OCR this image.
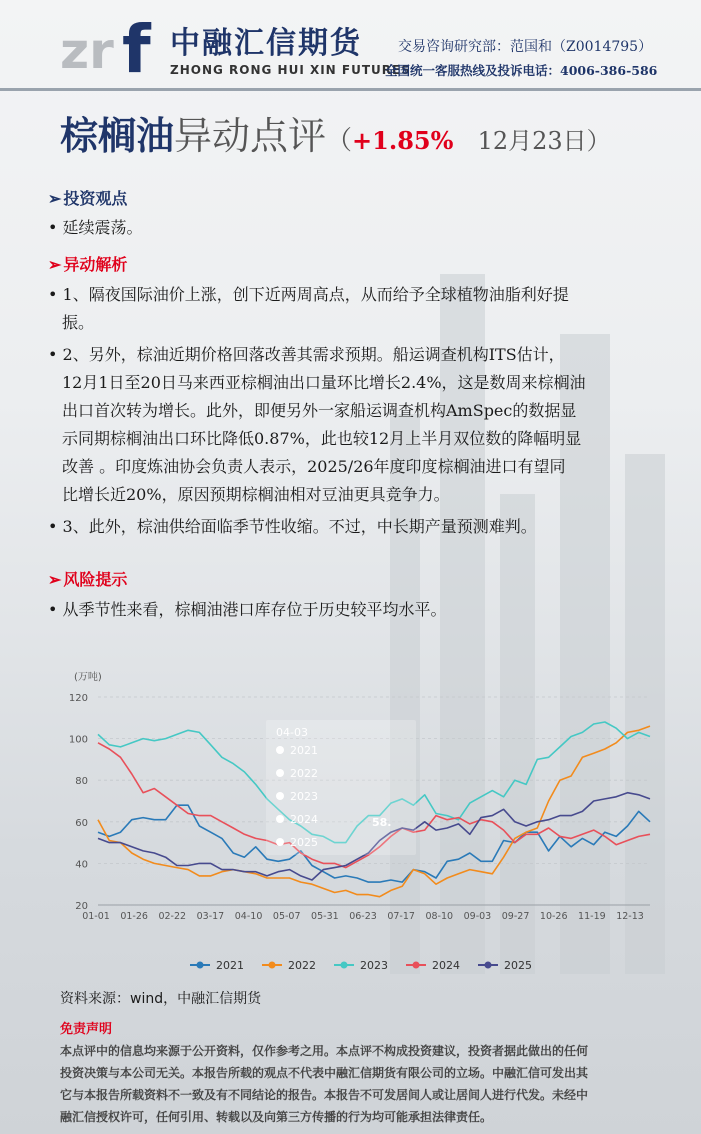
zr f 中融汇信期货
ZHONG RONG HUI XIN FUTURES
交易咨询研究部：范国和（Z0014795）
全国统一客服热线及投诉电话：4006-386-586
棕榈油异动点评（+1.85% 12月23日）
➢ 投资观点
• 延续震荡。
➢ 异动解析
• 1、隔夜国际油价上涨，创下近两周高点，从而给予全球植物油脂利好提
振。
• 2、另外，棕油近期价格回落改善其需求预期。船运调查机构ITS估计，
12月1日至20日马来西亚棕榈油出口量环比增长2.4%，这是数周来棕榈油
出口首次转为增长。此外，即便另外一家船运调查机构AmSpec的数据显
示同期棕榈油出口环比降低0.87%，此也较12月上半月双位数的降幅明显
改善 。印度炼油协会负责人表示，2025/26年度印度棕榈油进口有望同
比增长近20%，原因预期棕榈油相对豆油更具竞争力。
• 3、此外，棕油供给面临季节性收缩。不过，中长期产量预测难判。
➢ 风险提示
• 从季节性来看，棕榈油港口库存位于历史较平均水平。
(万吨)
20
40
60
80
100
120
01-01 01-26 02-22 03-17 04-10 05-07 05-31 06-23 07-17 08-10 09-03 09-27 10-26 11-19 12-13
04-03
2021
2022
2023
2024
2025
58.
2021	2022	2023	2024	2025
资料来源：wind，中融汇信期货
免责声明
本点评中的信息均来源于公开资料，仅作参考之用。本点评不构成投资建议，投资者据此做出的任何
投资决策与本公司无关。本报告所载的观点不代表中融汇信期货有限公司的立场。中融汇信可发出其
它与本报告所载资料不一致及有不同结论的报告。本报告不可发居间人或让居间人进行代发。未经中
融汇信授权许可，任何引用、转载以及向第三方传播的行为均可能承担法律责任。
